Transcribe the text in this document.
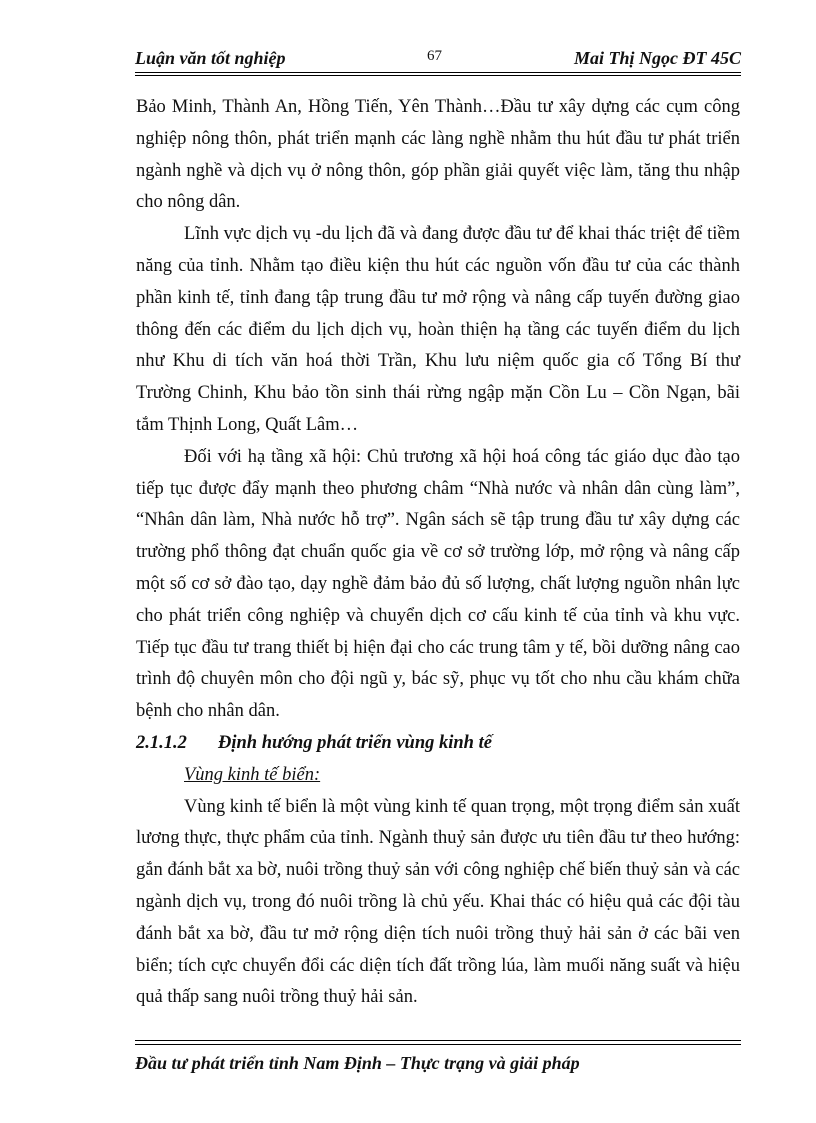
Luận văn tốt nghiệp	67	Mai Thị Ngọc ĐT 45C

Bảo Minh, Thành An, Hồng Tiến, Yên Thành…Đầu tư xây dựng các cụm công nghiệp nông thôn, phát triển mạnh các làng nghề nhằm thu hút đầu tư phát triển ngành nghề và dịch vụ ở nông thôn, góp phần giải quyết việc làm, tăng thu nhập cho nông dân.

Lĩnh vực dịch vụ -du lịch đã và đang được đầu tư để khai thác triệt để tiềm năng của tỉnh. Nhằm tạo điều kiện thu hút các nguồn vốn đầu tư của các thành phần kinh tế, tỉnh đang tập trung đầu tư mở rộng và nâng cấp tuyến đường giao thông đến các điểm du lịch dịch vụ, hoàn thiện hạ tầng các tuyến điểm du lịch như Khu di tích văn hoá thời Trần, Khu lưu niệm quốc gia cố Tổng Bí thư Trường Chinh, Khu bảo tồn sinh thái rừng ngập mặn Cồn Lu – Cồn Ngạn, bãi tắm Thịnh Long, Quất Lâm…

Đối với hạ tầng xã hội: Chủ trương xã hội hoá công tác giáo dục đào tạo tiếp tục được đẩy mạnh theo phương châm “Nhà nước và nhân dân cùng làm”, “Nhân dân làm, Nhà nước hỗ trợ”. Ngân sách sẽ tập trung đầu tư xây dựng các trường phổ thông đạt chuẩn quốc gia về cơ sở trường lớp, mở rộng và nâng cấp một số cơ sở đào tạo, dạy nghề đảm bảo đủ số lượng, chất lượng nguồn nhân lực cho phát triển công nghiệp và chuyển dịch cơ cấu kinh tế của tỉnh và khu vực. Tiếp tục đầu tư trang thiết bị hiện đại cho các trung tâm y tế, bồi dưỡng nâng cao trình độ chuyên môn cho đội ngũ y, bác sỹ, phục vụ tốt cho nhu cầu khám chữa bệnh cho nhân dân.

2.1.1.2 Định hướng phát triển vùng kinh tế

Vùng kinh tế biển:

Vùng kinh tế biển là một vùng kinh tế quan trọng, một trọng điểm sản xuất lương thực, thực phẩm của tỉnh. Ngành thuỷ sản được ưu tiên đầu tư theo hướng: gắn đánh bắt xa bờ, nuôi trồng thuỷ sản với công nghiệp chế biến thuỷ sản và các ngành dịch vụ, trong đó nuôi trồng là chủ yếu. Khai thác có hiệu quả các đội tàu đánh bắt xa bờ, đầu tư mở rộng diện tích nuôi trồng thuỷ hải sản ở các bãi ven biển; tích cực chuyển đổi các diện tích đất trồng lúa, làm muối năng suất và hiệu quả thấp sang nuôi trồng thuỷ hải sản.

Đầu tư phát triển tỉnh Nam Định – Thực trạng và giải pháp
